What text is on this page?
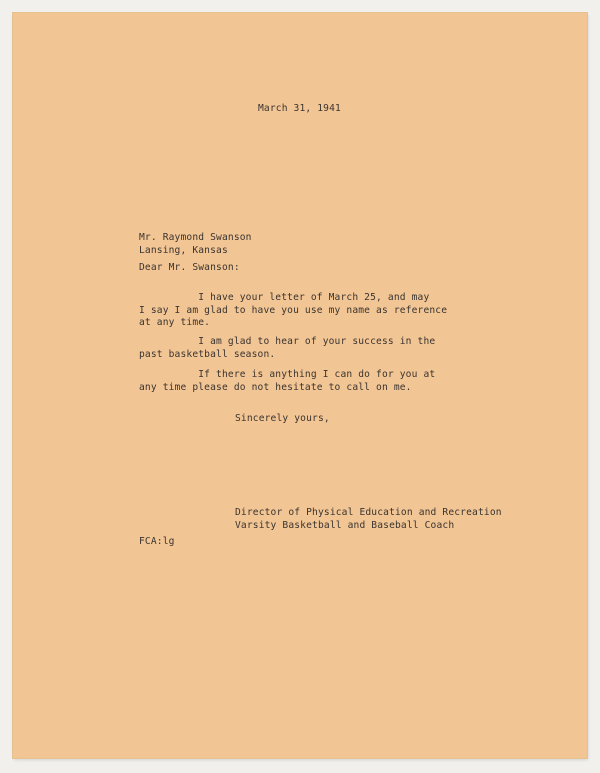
March 31, 1941

Mr. Raymond Swanson
Lansing, Kansas

Dear Mr. Swanson:

I have your letter of March 25, and may
I say I am glad to have you use my name as reference
at any time.
I am glad to hear of your success in the
past basketball season.
If there is anything I can do for you at
any time please do not hesitate to call on me.

Sincerely yours,

Director of Physical Education and Recreation
Varsity Basketball and Baseball Coach

FCA:lg
